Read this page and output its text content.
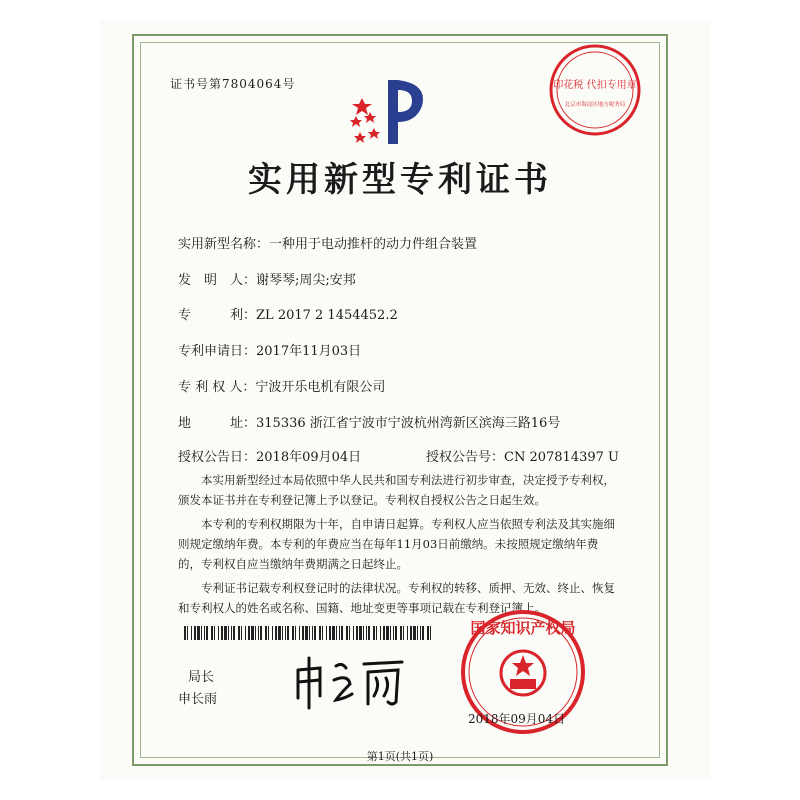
证书号第7804064号
实用新型专利证书
实用新型名称：一种用于电动推杆的动力件组合装置
发　明　人：谢琴琴;周尖;安邦
专　　　利：ZL 2017 2 1454452.2
专利申请日：2017年11月03日
专 利 权 人：宁波开乐电机有限公司
地　　　址：315336 浙江省宁波市宁波杭州湾新区滨海三路16号
授权公告日：2018年09月04日	授权公告号：CN 207814397 U

本实用新型经过本局依照中华人民共和国专利法进行初步审查，决定授予专利权，颁发本证书并在专利登记簿上予以登记。专利权自授权公告之日起生效。

本专利的专利权期限为十年，自申请日起算。专利权人应当依照专利法及其实施细则规定缴纳年费。本专利的年费应当在每年11月03日前缴纳。未按照规定缴纳年费的，专利权自应当缴纳年费期满之日起终止。

专利证书记载专利权登记时的法律状况。专利权的转移、质押、无效、终止、恢复和专利权人的姓名或名称、国籍、地址变更等事项记载在专利登记簿上。

局长
申长雨
印花税 代扣专用章
北京市海淀区地方税务局
国家知识产权局
2018年09月04日
第1页(共1页)
